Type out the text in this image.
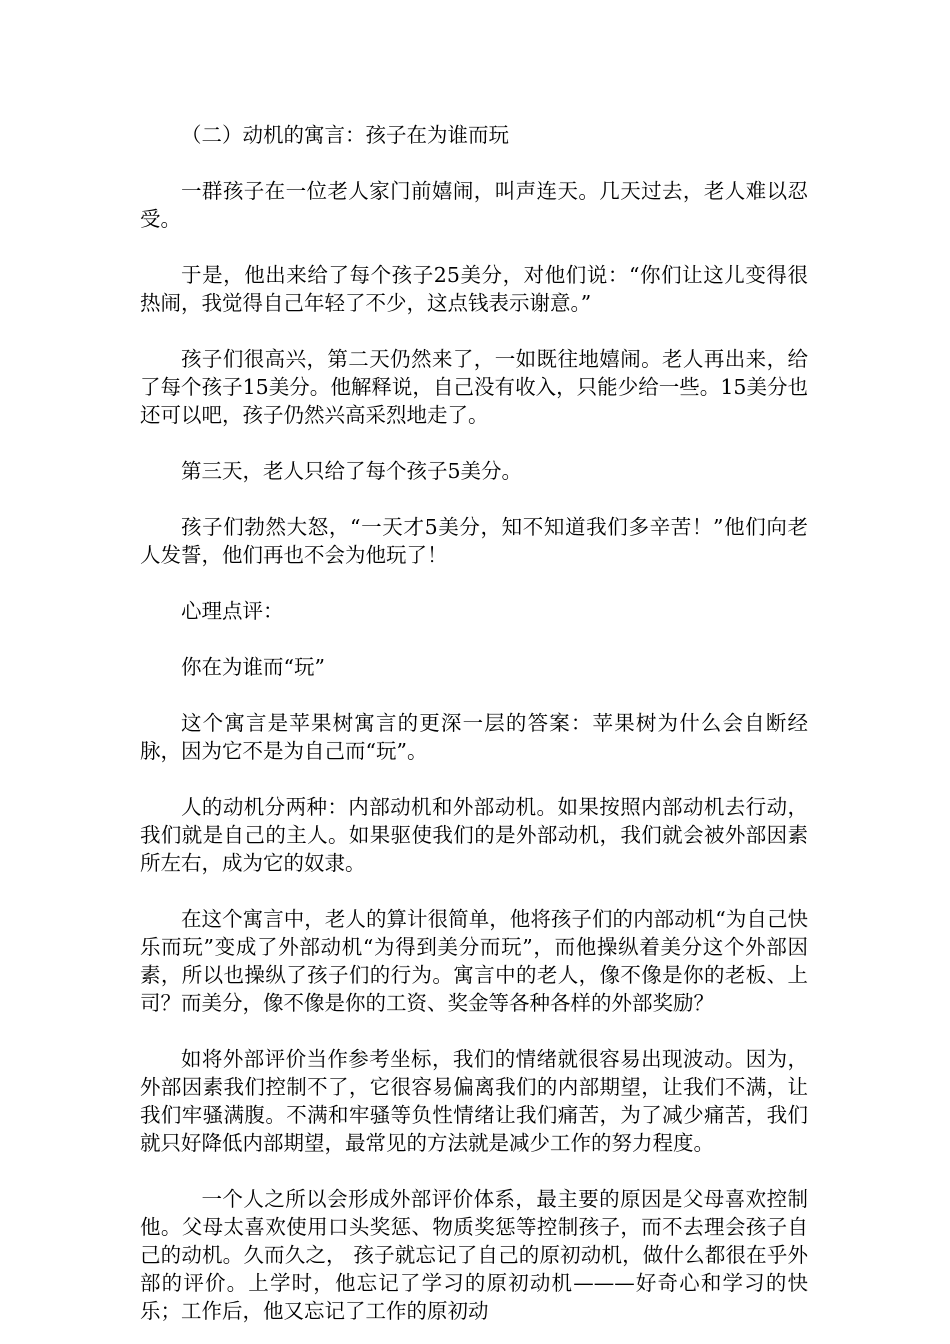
（二）动机的寓言：孩子在为谁而玩

一群孩子在一位老人家门前嬉闹，叫声连天。几天过去，老人难以忍受。

于是，他出来给了每个孩子25美分，对他们说：“你们让这儿变得很热闹，我觉得自己年轻了不少，这点钱表示谢意。”

孩子们很高兴，第二天仍然来了，一如既往地嬉闹。老人再出来，给了每个孩子15美分。他解释说，自己没有收入，只能少给一些。15美分也还可以吧，孩子仍然兴高采烈地走了。

第三天，老人只给了每个孩子5美分。

孩子们勃然大怒，“一天才5美分，知不知道我们多辛苦！”他们向老人发誓，他们再也不会为他玩了！

心理点评：

你在为谁而“玩”

这个寓言是苹果树寓言的更深一层的答案：苹果树为什么会自断经脉，因为它不是为自己而“玩”。

人的动机分两种：内部动机和外部动机。如果按照内部动机去行动，我们就是自己的主人。如果驱使我们的是外部动机，我们就会被外部因素所左右，成为它的奴隶。

在这个寓言中，老人的算计很简单，他将孩子们的内部动机“为自己快乐而玩”变成了外部动机“为得到美分而玩”，而他操纵着美分这个外部因素，所以也操纵了孩子们的行为。寓言中的老人，像不像是你的老板、上司？而美分，像不像是你的工资、奖金等各种各样的外部奖励？

如将外部评价当作参考坐标，我们的情绪就很容易出现波动。因为，外部因素我们控制不了，它很容易偏离我们的内部期望，让我们不满，让我们牢骚满腹。不满和牢骚等负性情绪让我们痛苦，为了减少痛苦，我们就只好降低内部期望，最常见的方法就是减少工作的努力程度。

一个人之所以会形成外部评价体系，最主要的原因是父母喜欢控制他。父母太喜欢使用口头奖惩、物质奖惩等控制孩子，而不去理会孩子自己的动机。久而久之， 孩子就忘记了自己的原初动机，做什么都很在乎外部的评价。上学时，他忘记了学习的原初动机———好奇心和学习的快乐；工作后，他又忘记了工作的原初动
